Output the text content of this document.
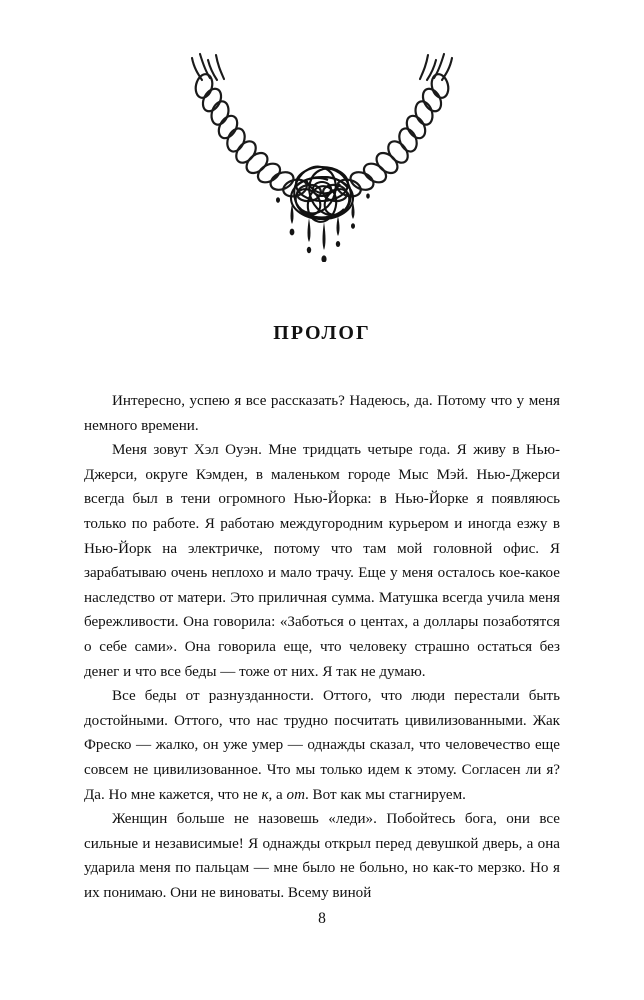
ПРОЛОГ

Интересно, успею я все рассказать? Надеюсь, да. Потому что у меня немного времени.

Меня зовут Хэл Оуэн. Мне тридцать четыре года. Я живу в Нью-Джерси, округе Кэмден, в маленьком городе Мыс Мэй. Нью-Джерси всегда был в тени огромного Нью-Йорка: в Нью-Йорке я появляюсь только по работе. Я работаю междугородним курьером и иногда езжу в Нью-Йорк на электричке, потому что там мой головной офис. Я зарабатываю очень неплохо и мало трачу. Еще у меня осталось кое-какое наследство от матери. Это приличная сумма. Матушка всегда учила меня бережливости. Она говорила: «Заботься о центах, а доллары позаботятся о себе сами». Она говорила еще, что человеку страшно остаться без денег и что все беды — тоже от них. Я так не думаю.

Все беды от разнузданности. Оттого, что люди перестали быть достойными. Оттого, что нас трудно посчитать цивилизованными. Жак Фреско — жалко, он уже умер — однажды сказал, что человечество еще совсем не цивилизованное. Что мы только идем к этому. Согласен ли я? Да. Но мне кажется, что не к, а от. Вот как мы стагнируем.

Женщин больше не назовешь «леди». Побойтесь бога, они все сильные и независимые! Я однажды открыл перед девушкой дверь, а она ударила меня по пальцам — мне было не больно, но как-то мерзко. Но я их понимаю. Они не виноваты. Всему виной

8
